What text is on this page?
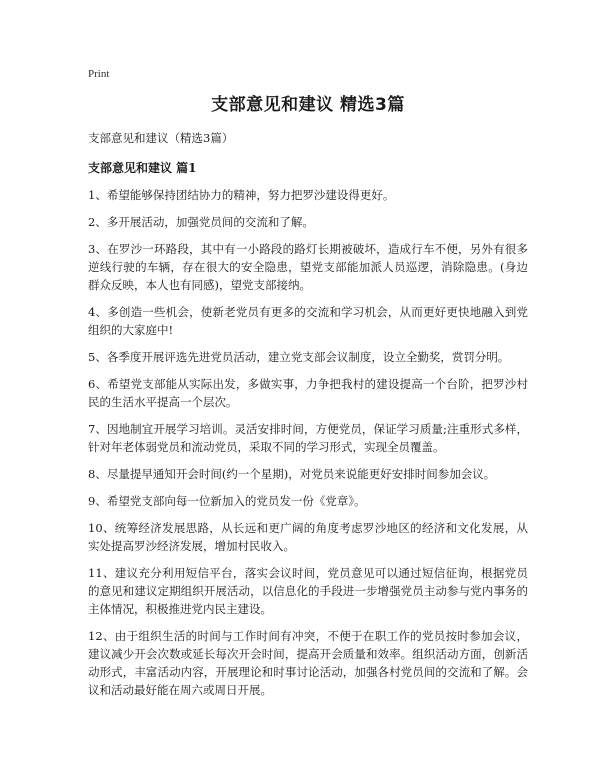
Print

支部意见和建议 精选3篇

支部意见和建议（精选3篇）

支部意见和建议 篇1

1、希望能够保持团结协力的精神，努力把罗沙建设得更好。

2、多开展活动，加强党员间的交流和了解。

3、在罗沙一环路段，其中有一小路段的路灯长期被破坏，造成行车不便，另外有很多逆线行驶的车辆，存在很大的安全隐患，望党支部能加派人员巡逻，消除隐患。(身边群众反映，本人也有同感)，望党支部接纳。

4、多创造一些机会，使新老党员有更多的交流和学习机会，从而更好更快地融入到党组织的大家庭中!

5、各季度开展评选先进党员活动，建立党支部会议制度，设立全勤奖，赏罚分明。

6、希望党支部能从实际出发，多做实事，力争把我村的建设提高一个台阶，把罗沙村民的生活水平提高一个层次。

7、因地制宜开展学习培训。灵活安排时间，方便党员，保证学习质量;注重形式多样，针对年老体弱党员和流动党员，采取不同的学习形式，实现全员覆盖。

8、尽量提早通知开会时间(约一个星期)，对党员来说能更好安排时间参加会议。

9、希望党支部向每一位新加入的党员发一份《党章》。

10、统筹经济发展思路，从长远和更广阔的角度考虑罗沙地区的经济和文化发展，从实处提高罗沙经济发展，增加村民收入。

11、建议充分利用短信平台，落实会议时间，党员意见可以通过短信征询，根据党员的意见和建议定期组织开展活动，以信息化的手段进一步增强党员主动参与党内事务的主体情况，积极推进党内民主建设。

12、由于组织生活的时间与工作时间有冲突，不便于在职工作的党员按时参加会议，建议减少开会次数或延长每次开会时间，提高开会质量和效率。组织活动方面，创新活动形式，丰富活动内容，开展理论和时事讨论活动，加强各村党员间的交流和了解。会议和活动最好能在周六或周日开展。
